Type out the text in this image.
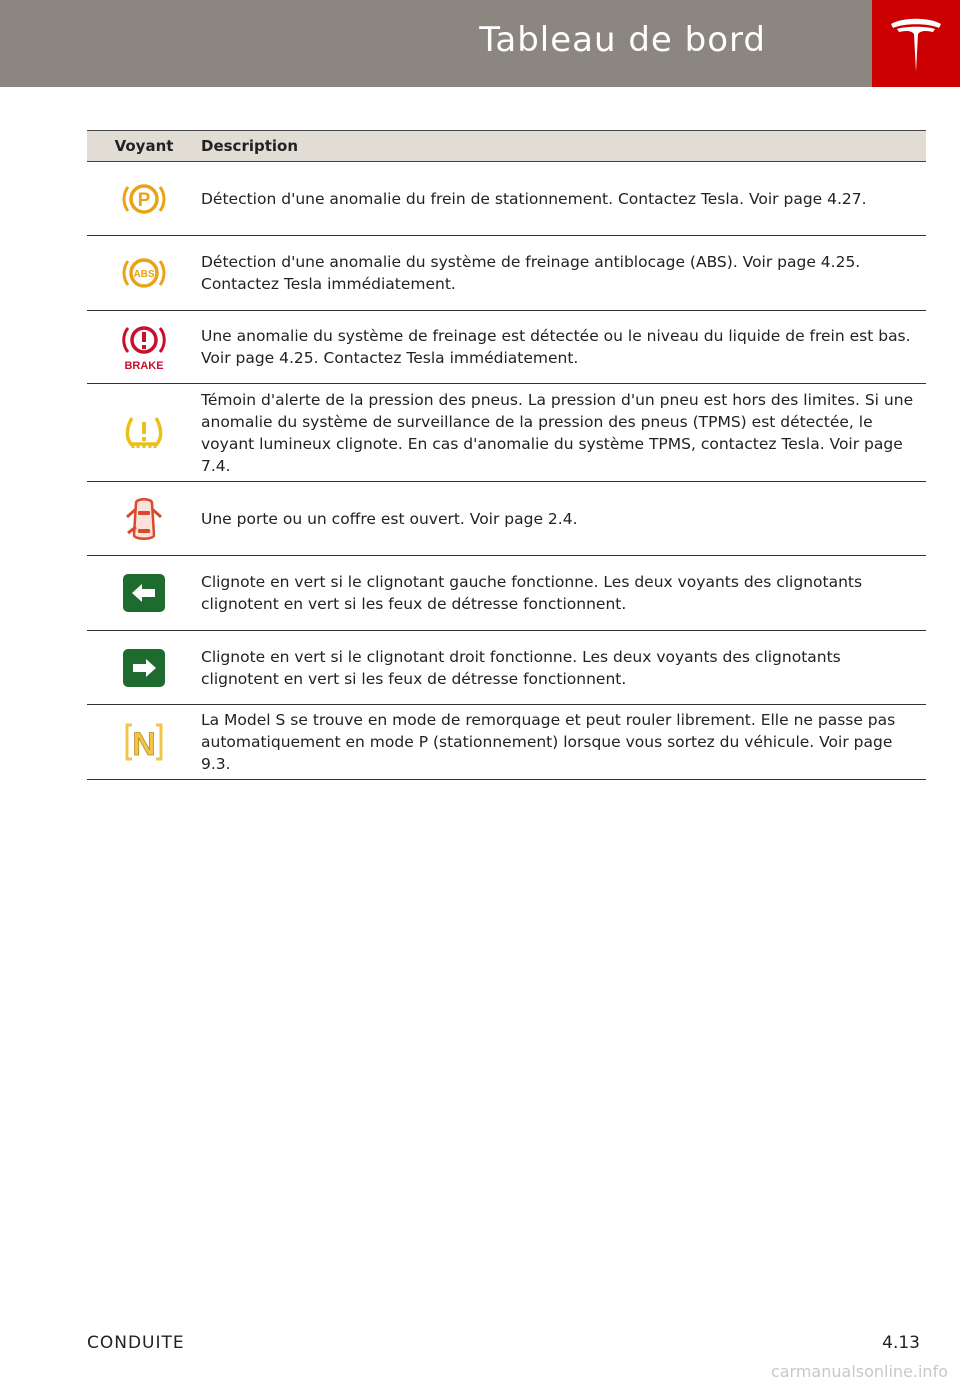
Tableau de bord
Voyant	Description

P	Détection d'une anomalie du frein de stationnement. Contactez Tesla. Voir page 4.27.

ABS	Détection d'une anomalie du système de freinage antiblocage (ABS). Voir page 4.25. Contactez Tesla immédiatement.

BRAKE	Une anomalie du système de freinage est détectée ou le niveau du liquide de frein est bas. Voir page 4.25. Contactez Tesla immédiatement.

	Témoin d'alerte de la pression des pneus. La pression d'un pneu est hors des limites. Si une anomalie du système de surveillance de la pression des pneus (TPMS) est détectée, le voyant lumineux clignote. En cas d'anomalie du système TPMS, contactez Tesla. Voir page 7.4.

	Une porte ou un coffre est ouvert. Voir page 2.4.

	Clignote en vert si le clignotant gauche fonctionne. Les deux voyants des clignotants clignotent en vert si les feux de détresse fonctionnent.

	Clignote en vert si le clignotant droit fonctionne. Les deux voyants des clignotants clignotent en vert si les feux de détresse fonctionnent.

N	La Model S se trouve en mode de remorquage et peut rouler librement. Elle ne passe pas automatiquement en mode P (stationnement) lorsque vous sortez du véhicule. Voir page 9.3.
CONDUITE	4.13
carmanualsonline.info
